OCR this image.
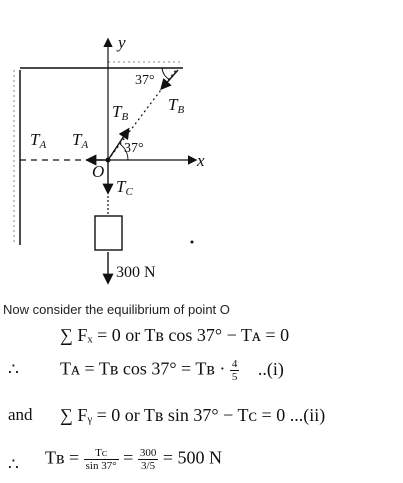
y
x
37°
37°
TB
TB
TA TA
O
TC
300 N
Now consider the equilibrium of point O
∑ Fₓ = 0 or Tʙ cos 37° − Tᴀ = 0
∴ Tᴀ = Tʙ cos 37° = Tʙ · $\frac{4}{5} ..(i)$
and ∑ Fᵧ = 0 or Tʙ sin 37° − Tᴄ = 0 ...(ii)
∴ Tʙ = $\frac{\text{Tᴄ}}{\sin 37^\circ} = \frac{300}{3/5} = 500$ N
